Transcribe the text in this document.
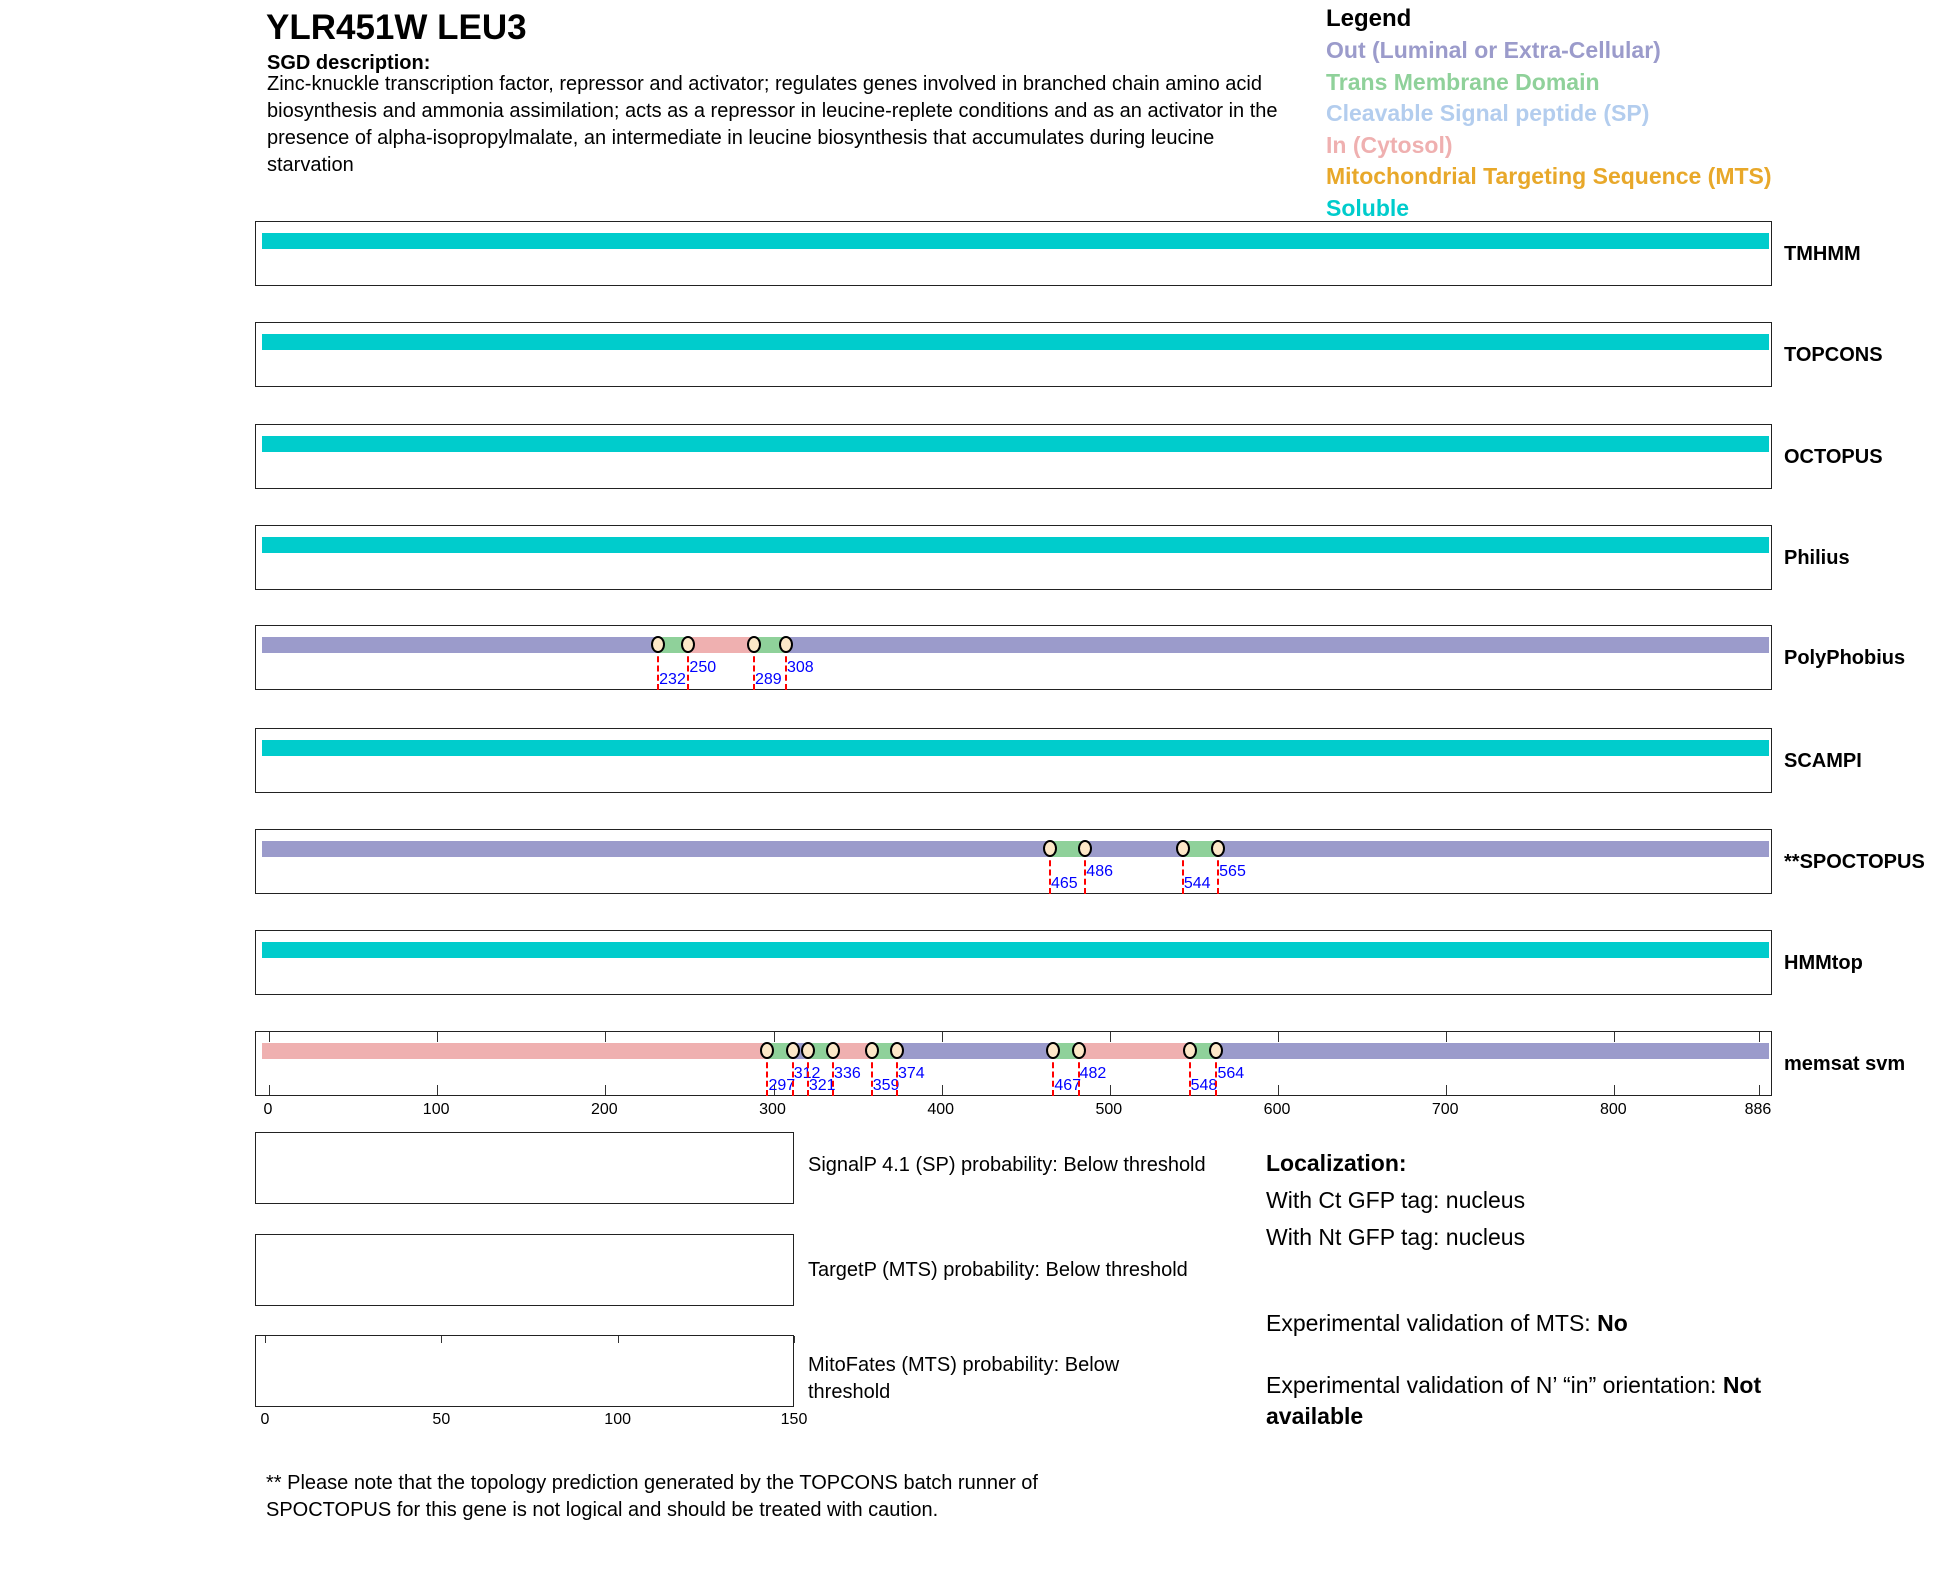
YLR451W LEU3
SGD description:
Zinc-knuckle transcription factor, repressor and activator; regulates genes involved in branched chain amino acid biosynthesis and ammonia assimilation; acts as a repressor in leucine-replete conditions and as an activator in the presence of alpha-isopropylmalate, an intermediate in leucine biosynthesis that accumulates during leucine starvation
Legend
Out (Luminal or Extra-Cellular)
Trans Membrane Domain
Cleavable Signal peptide (SP)
In (Cytosol)
Mitochondrial Targeting Sequence (MTS)
Soluble
TMHMM
TOPCONS
OCTOPUS
Philius
PolyPhobius
232
250
289
308
SCAMPI
**SPOCTOPUS
465
486
544
565
HMMtop
memsat svm
0	100	200	300	400	500	600	700	800	886
297
312
321
336
359
374
467
482
548
564
0	50	100	150
SignalP 4.1 (SP) probability: Below threshold
TargetP (MTS) probability: Below threshold
MitoFates (MTS) probability: Below threshold
Localization:
With Ct GFP tag: nucleus
With Nt GFP tag: nucleus
Experimental validation of MTS: No
Experimental validation of N’ “in” orientation: Not available
** Please note that the topology prediction generated by the TOPCONS batch runner of SPOCTOPUS for this gene is not logical and should be treated with caution.
